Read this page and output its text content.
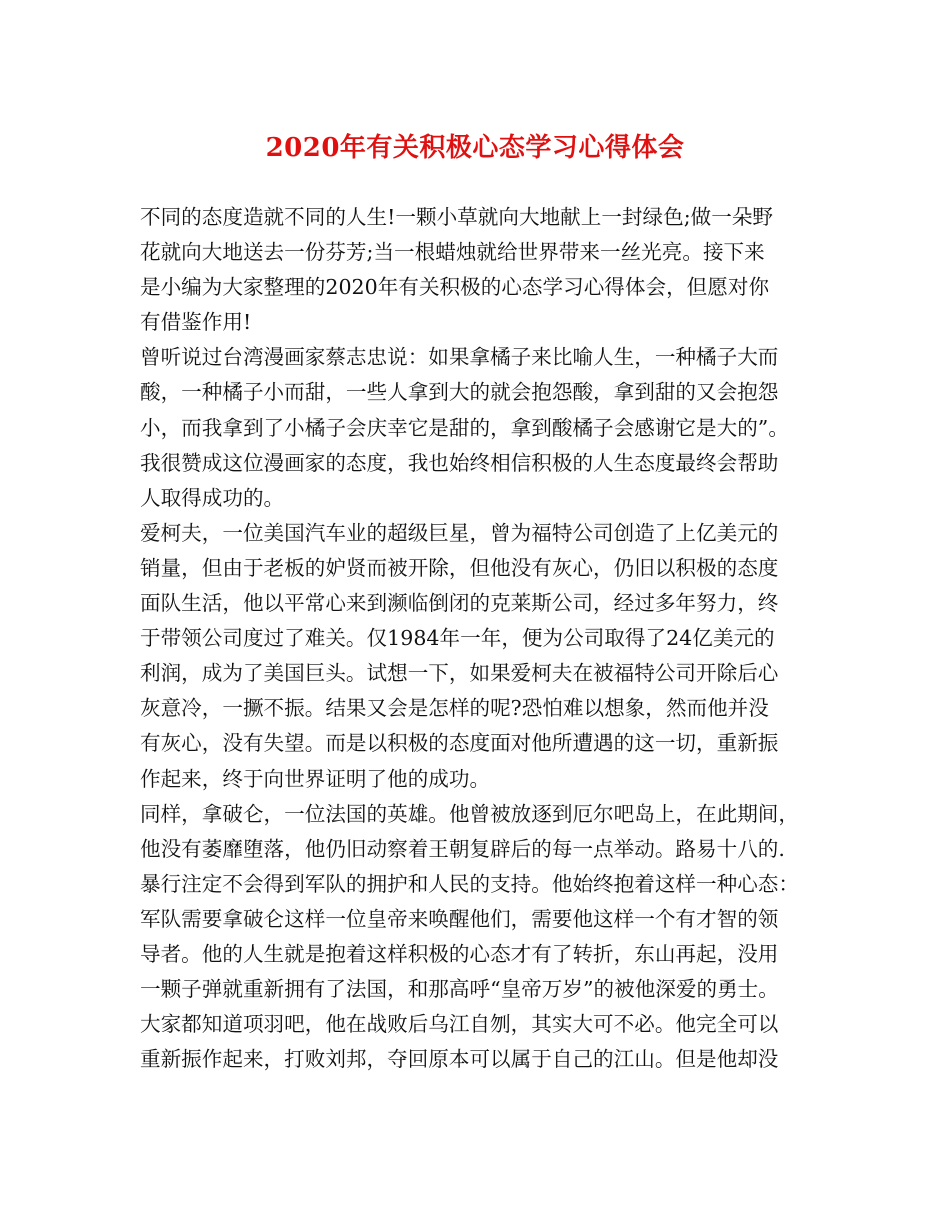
2020年有关积极心态学习心得体会
不同的态度造就不同的人生!一颗小草就向大地献上一封绿色;做一朵野
花就向大地送去一份芬芳;当一根蜡烛就给世界带来一丝光亮。接下来
是小编为大家整理的2020年有关积极的心态学习心得体会，但愿对你
有借鉴作用!
曾听说过台湾漫画家蔡志忠说：如果拿橘子来比喻人生，一种橘子大而
酸，一种橘子小而甜，一些人拿到大的就会抱怨酸，拿到甜的又会抱怨
小，而我拿到了小橘子会庆幸它是甜的，拿到酸橘子会感谢它是大的”。
我很赞成这位漫画家的态度，我也始终相信积极的人生态度最终会帮助
人取得成功的。
爱柯夫，一位美国汽车业的超级巨星，曾为福特公司创造了上亿美元的
销量，但由于老板的妒贤而被开除，但他没有灰心，仍旧以积极的态度
面队生活，他以平常心来到濒临倒闭的克莱斯公司，经过多年努力，终
于带领公司度过了难关。仅1984年一年，便为公司取得了24亿美元的
利润，成为了美国巨头。试想一下，如果爱柯夫在被福特公司开除后心
灰意冷，一撅不振。结果又会是怎样的呢?恐怕难以想象，然而他并没
有灰心，没有失望。而是以积极的态度面对他所遭遇的这一切，重新振
作起来，终于向世界证明了他的成功。
同样，拿破仑，一位法国的英雄。他曾被放逐到厄尔吧岛上，在此期间，
他没有萎靡堕落，他仍旧动察着王朝复辟后的每一点举动。路易十八的.
暴行注定不会得到军队的拥护和人民的支持。他始终抱着这样一种心态：
军队需要拿破仑这样一位皇帝来唤醒他们，需要他这样一个有才智的领
导者。他的人生就是抱着这样积极的心态才有了转折，东山再起，没用
一颗子弹就重新拥有了法国，和那高呼“皇帝万岁”的被他深爱的勇士。
大家都知道项羽吧，他在战败后乌江自刎，其实大可不必。他完全可以
重新振作起来，打败刘邦，夺回原本可以属于自己的江山。但是他却没
